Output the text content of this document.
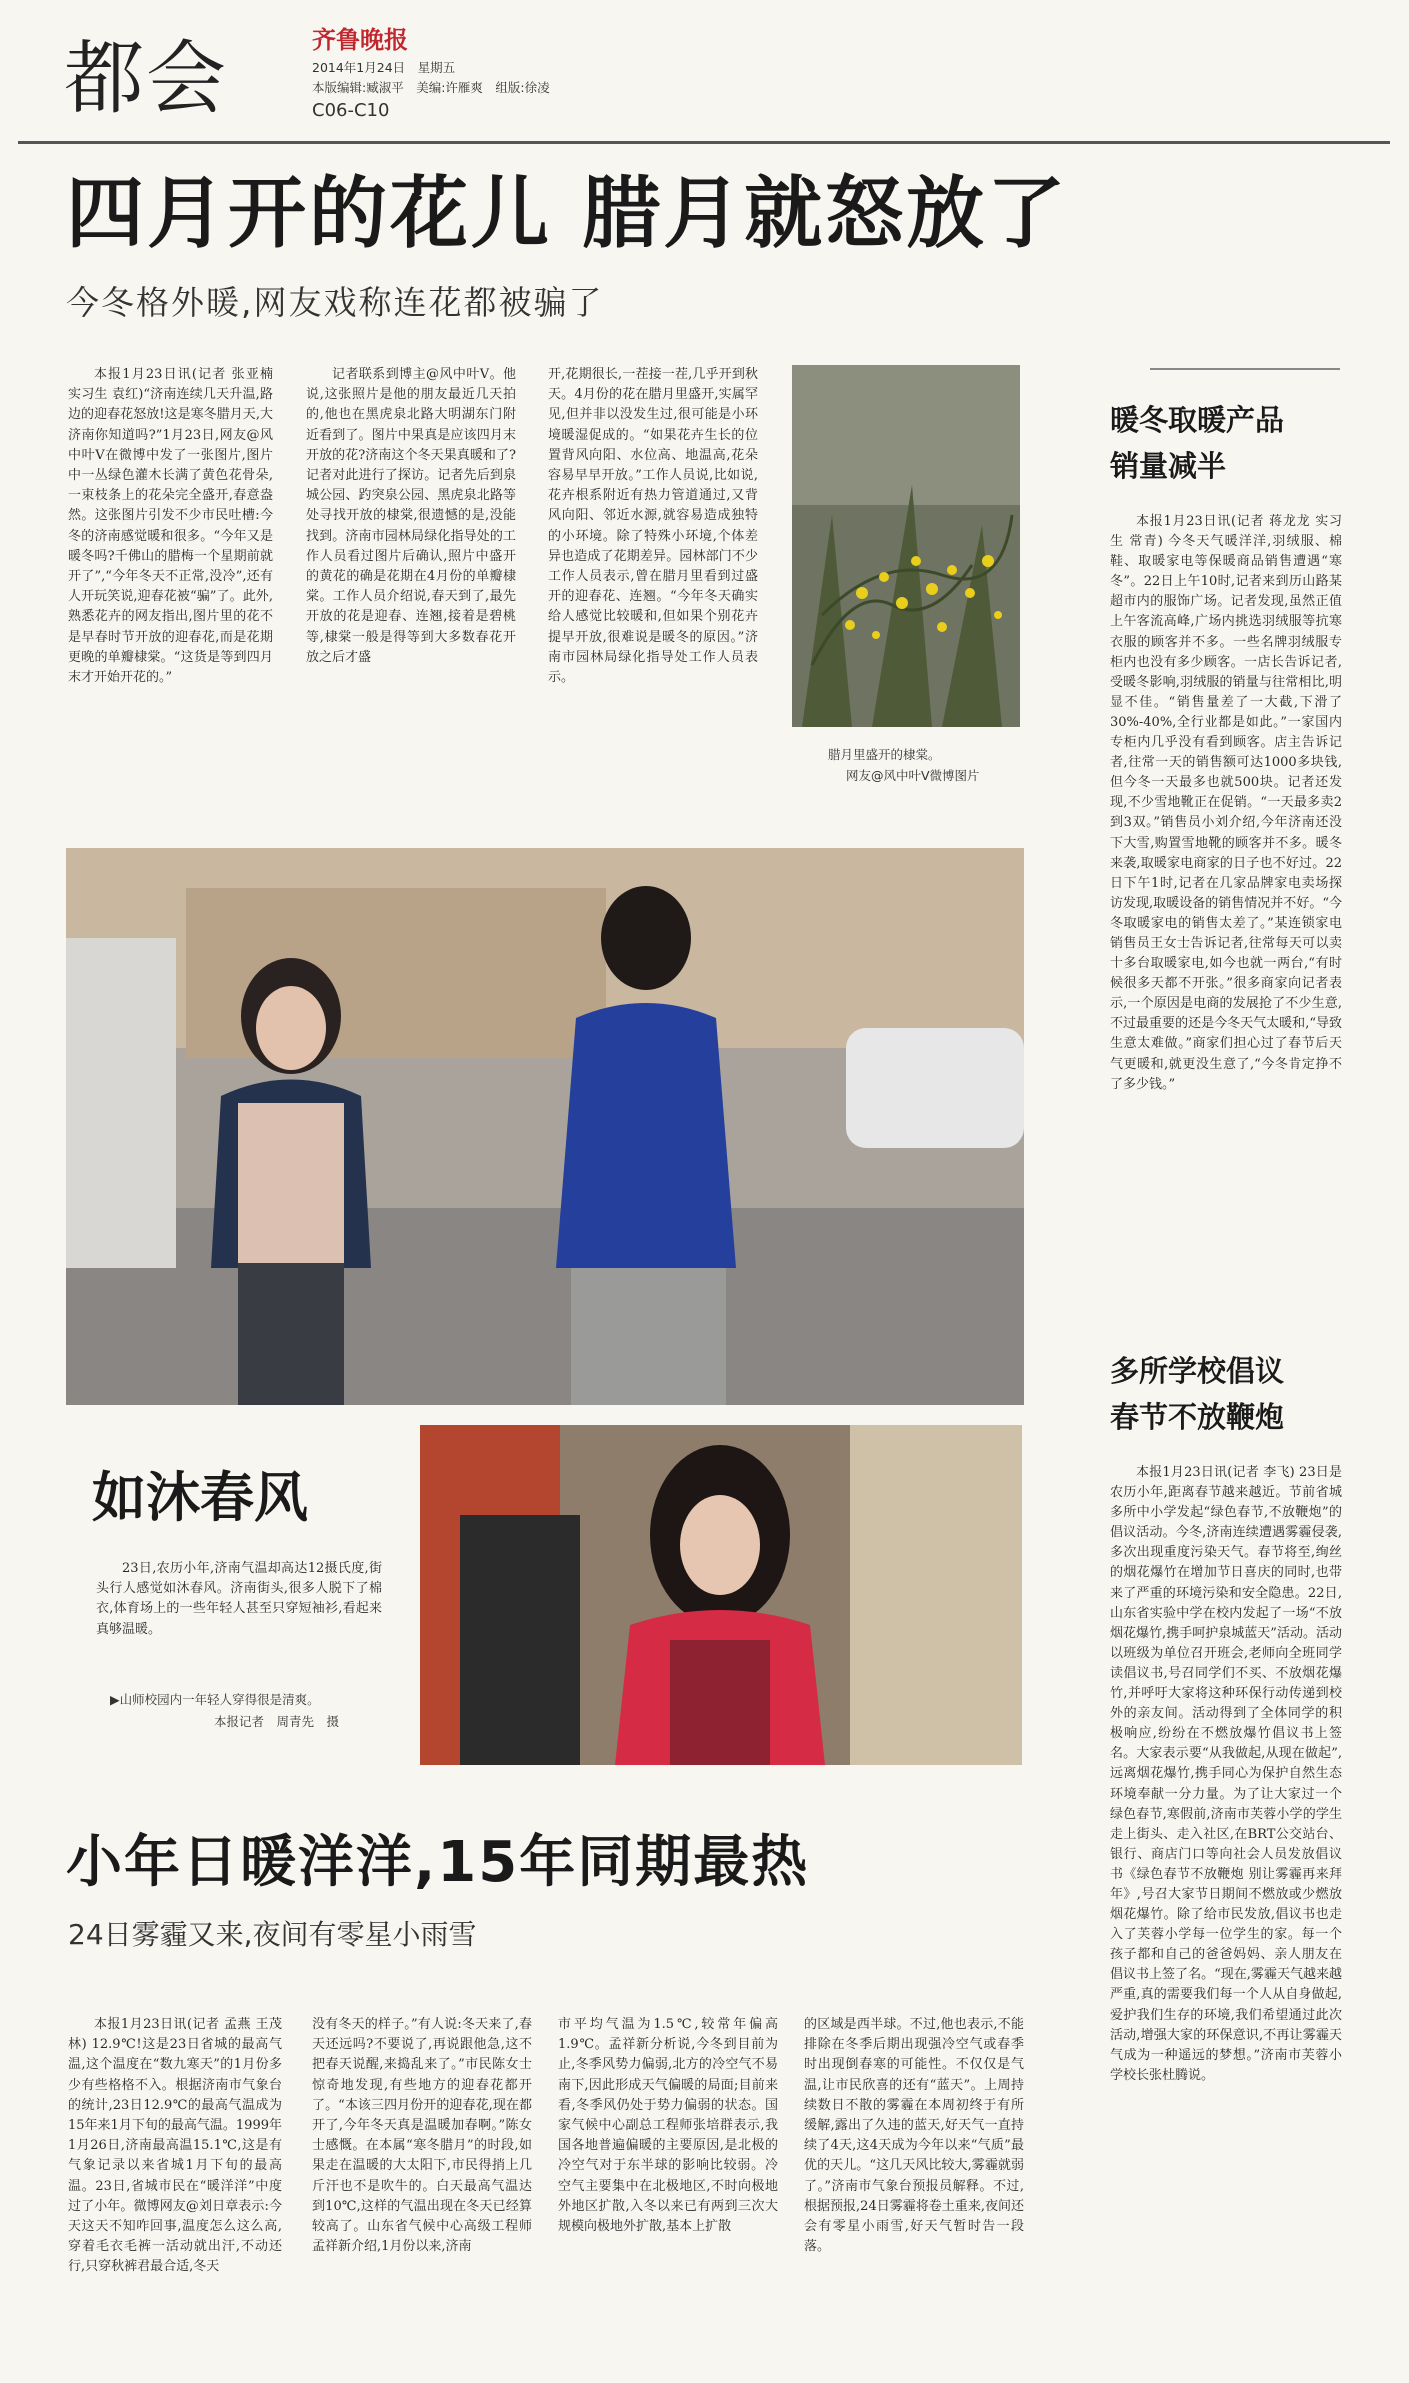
都会	齐鲁晚报
2014年1月24日　星期五
本版编辑:臧淑平　美编:许雁爽　组版:徐凌
C06-C10
四月开的花儿 腊月就怒放了
今冬格外暖,网友戏称连花都被骗了

本报1月23日讯(记者 张亚楠 实习生 袁红)“济南连续几天升温,路边的迎春花怒放!这是寒冬腊月天,大济南你知道吗?”1月23日,网友@风中叶V在微博中发了一张图片,图片中一丛绿色灌木长满了黄色花骨朵,一束枝条上的花朵完全盛开,春意盎然。这张图片引发不少市民吐槽:今冬的济南感觉暖和很多。“今年又是暖冬吗?千佛山的腊梅一个星期前就开了”,“今年冬天不正常,没冷”,还有人开玩笑说,迎春花被“骗”了。此外,熟悉花卉的网友指出,图片里的花不是早春时节开放的迎春花,而是花期更晚的单瓣棣棠。“这货是等到四月末才开始开花的。”

记者联系到博主@风中叶V。他说,这张照片是他的朋友最近几天拍的,他也在黑虎泉北路大明湖东门附近看到了。图片中果真是应该四月末开放的花?济南这个冬天果真暖和了?记者对此进行了探访。记者先后到泉城公园、趵突泉公园、黑虎泉北路等处寻找开放的棣棠,很遗憾的是,没能找到。济南市园林局绿化指导处的工作人员看过图片后确认,照片中盛开的黄花的确是花期在4月份的单瓣棣棠。工作人员介绍说,春天到了,最先开放的花是迎春、连翘,接着是碧桃等,棣棠一般是得等到大多数春花开放之后才盛

开,花期很长,一茬接一茬,几乎开到秋天。4月份的花在腊月里盛开,实属罕见,但并非以没发生过,很可能是小环境暖湿促成的。“如果花卉生长的位置背风向阳、水位高、地温高,花朵容易早早开放。”工作人员说,比如说,花卉根系附近有热力管道通过,又背风向阳、邻近水源,就容易造成独特的小环境。除了特殊小环境,个体差异也造成了花期差异。园林部门不少工作人员表示,曾在腊月里看到过盛开的迎春花、连翘。“今年冬天确实给人感觉比较暖和,但如果个别花卉提早开放,很难说是暖冬的原因。”济南市园林局绿化指导处工作人员表示。

腊月里盛开的棣棠。
网友@风中叶V微博图片
如沐春风

23日,农历小年,济南气温却高达12摄氏度,街头行人感觉如沐春风。济南街头,很多人脱下了棉衣,体育场上的一些年轻人甚至只穿短袖衫,看起来真够温暖。

▶山师校园内一年轻人穿得很是清爽。
本报记者　周青先　摄
小年日暖洋洋,15年同期最热
24日雾霾又来,夜间有零星小雨雪

本报1月23日讯(记者 孟燕 王茂林) 12.9℃!这是23日省城的最高气温,这个温度在“数九寒天”的1月份多少有些格格不入。根据济南市气象台的统计,23日12.9℃的最高气温成为15年来1月下旬的最高气温。1999年1月26日,济南最高温15.1℃,这是有气象记录以来省城1月下旬的最高温。23日,省城市民在“暖洋洋”中度过了小年。微博网友@刘日章表示:今天这天不知咋回事,温度怎么这么高,穿着毛衣毛裤一活动就出汗,不动还行,只穿秋裤君最合适,冬天

没有冬天的样子。”有人说:冬天来了,春天还远吗?不要说了,再说跟他急,这不把春天说醒,来捣乱来了。”市民陈女士惊奇地发现,有些地方的迎春花都开了。“本该三四月份开的迎春花,现在都开了,今年冬天真是温暖加春啊。”陈女士感慨。在本属“寒冬腊月”的时段,如果走在温暖的大太阳下,市民得捎上几斤汗也不是吹牛的。白天最高气温达到10℃,这样的气温出现在冬天已经算较高了。山东省气候中心高级工程师孟祥新介绍,1月份以来,济南

市平均气温为1.5℃,较常年偏高1.9℃。孟祥新分析说,今冬到目前为止,冬季风势力偏弱,北方的冷空气不易南下,因此形成天气偏暖的局面;目前来看,冬季风仍处于势力偏弱的状态。国家气候中心副总工程师张培群表示,我国各地普遍偏暖的主要原因,是北极的冷空气对于东半球的影响比较弱。冷空气主要集中在北极地区,不时向极地外地区扩散,入冬以来已有两到三次大规模向极地外扩散,基本上扩散

的区域是西半球。不过,他也表示,不能排除在冬季后期出现强冷空气或春季时出现倒春寒的可能性。不仅仅是气温,让市民欣喜的还有“蓝天”。上周持续数日不散的雾霾在本周初终于有所缓解,露出了久违的蓝天,好天气一直持续了4天,这4天成为今年以来“气质”最优的天儿。“这几天风比较大,雾霾就弱了。”济南市气象台预报员解释。不过,根据预报,24日雾霾将卷土重来,夜间还会有零星小雨雪,好天气暂时告一段落。

暖冬取暖产品
销量减半

本报1月23日讯(记者 蒋龙龙 实习生 常青) 今冬天气暖洋洋,羽绒服、棉鞋、取暖家电等保暖商品销售遭遇“寒冬”。22日上午10时,记者来到历山路某超市内的服饰广场。记者发现,虽然正值上午客流高峰,广场内挑选羽绒服等抗寒衣服的顾客并不多。一些名牌羽绒服专柜内也没有多少顾客。一店长告诉记者,受暖冬影响,羽绒服的销量与往常相比,明显不佳。“销售量差了一大截,下滑了30%-40%,全行业都是如此。”一家国内专柜内几乎没有看到顾客。店主告诉记者,往常一天的销售额可达1000多块钱,但今冬一天最多也就500块。记者还发现,不少雪地靴正在促销。“一天最多卖2到3双。”销售员小刘介绍,今年济南还没下大雪,购置雪地靴的顾客并不多。暖冬来袭,取暖家电商家的日子也不好过。22日下午1时,记者在几家品牌家电卖场探访发现,取暖设备的销售情况并不好。“今冬取暖家电的销售太差了。”某连锁家电销售员王女士告诉记者,往常每天可以卖十多台取暖家电,如今也就一两台,“有时候很多天都不开张。”很多商家向记者表示,一个原因是电商的发展抢了不少生意,不过最重要的还是今冬天气太暖和,“导致生意太难做。”商家们担心过了春节后天气更暖和,就更没生意了,“今冬肯定挣不了多少钱。”

多所学校倡议
春节不放鞭炮

本报1月23日讯(记者 李飞) 23日是农历小年,距离春节越来越近。节前省城多所中小学发起“绿色春节,不放鞭炮”的倡议活动。今冬,济南连续遭遇雾霾侵袭,多次出现重度污染天气。春节将至,绚丝的烟花爆竹在增加节日喜庆的同时,也带来了严重的环境污染和安全隐患。22日,山东省实验中学在校内发起了一场“不放烟花爆竹,携手呵护泉城蓝天”活动。活动以班级为单位召开班会,老师向全班同学读倡议书,号召同学们不买、不放烟花爆竹,并呼吁大家将这种环保行动传递到校外的亲友间。活动得到了全体同学的积极响应,纷纷在不燃放爆竹倡议书上签名。大家表示要“从我做起,从现在做起”,远离烟花爆竹,携手同心为保护自然生态环境奉献一分力量。为了让大家过一个绿色春节,寒假前,济南市芙蓉小学的学生走上街头、走入社区,在BRT公交站台、银行、商店门口等向社会人员发放倡议书《绿色春节不放鞭炮 别让雾霾再来拜年》,号召大家节日期间不燃放或少燃放烟花爆竹。除了给市民发放,倡议书也走入了芙蓉小学每一位学生的家。每一个孩子都和自己的爸爸妈妈、亲人朋友在倡议书上签了名。“现在,雾霾天气越来越严重,真的需要我们每一个人从自身做起,爱护我们生存的环境,我们希望通过此次活动,增强大家的环保意识,不再让雾霾天气成为一种遥远的梦想。”济南市芙蓉小学校长张杜腾说。
